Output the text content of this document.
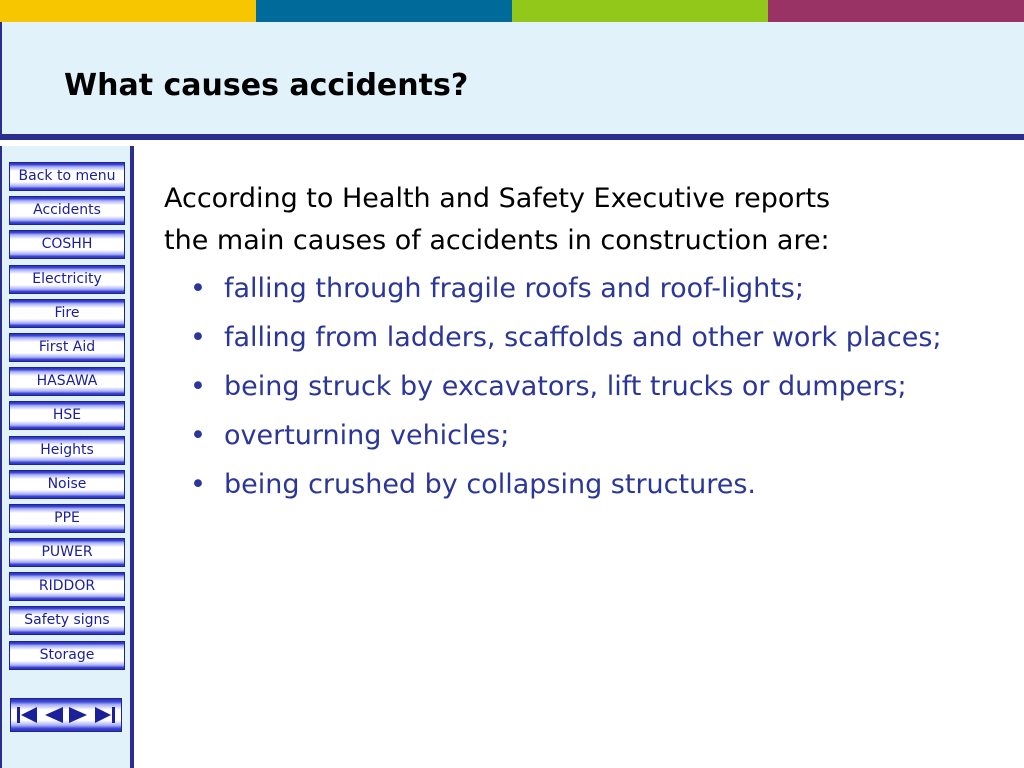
What causes accidents?
Back to menu
Accidents
COSHH
Electricity
Fire
First Aid
HASAWA
HSE
Heights
Noise
PPE
PUWER
RIDDOR
Safety signs
Storage
According to Health and Safety Executive reports
the main causes of accidents in construction are:
• falling through fragile roofs and roof-lights;
• falling from ladders, scaffolds and other work places;
• being struck by excavators, lift trucks or dumpers;
• overturning vehicles;
• being crushed by collapsing structures.
